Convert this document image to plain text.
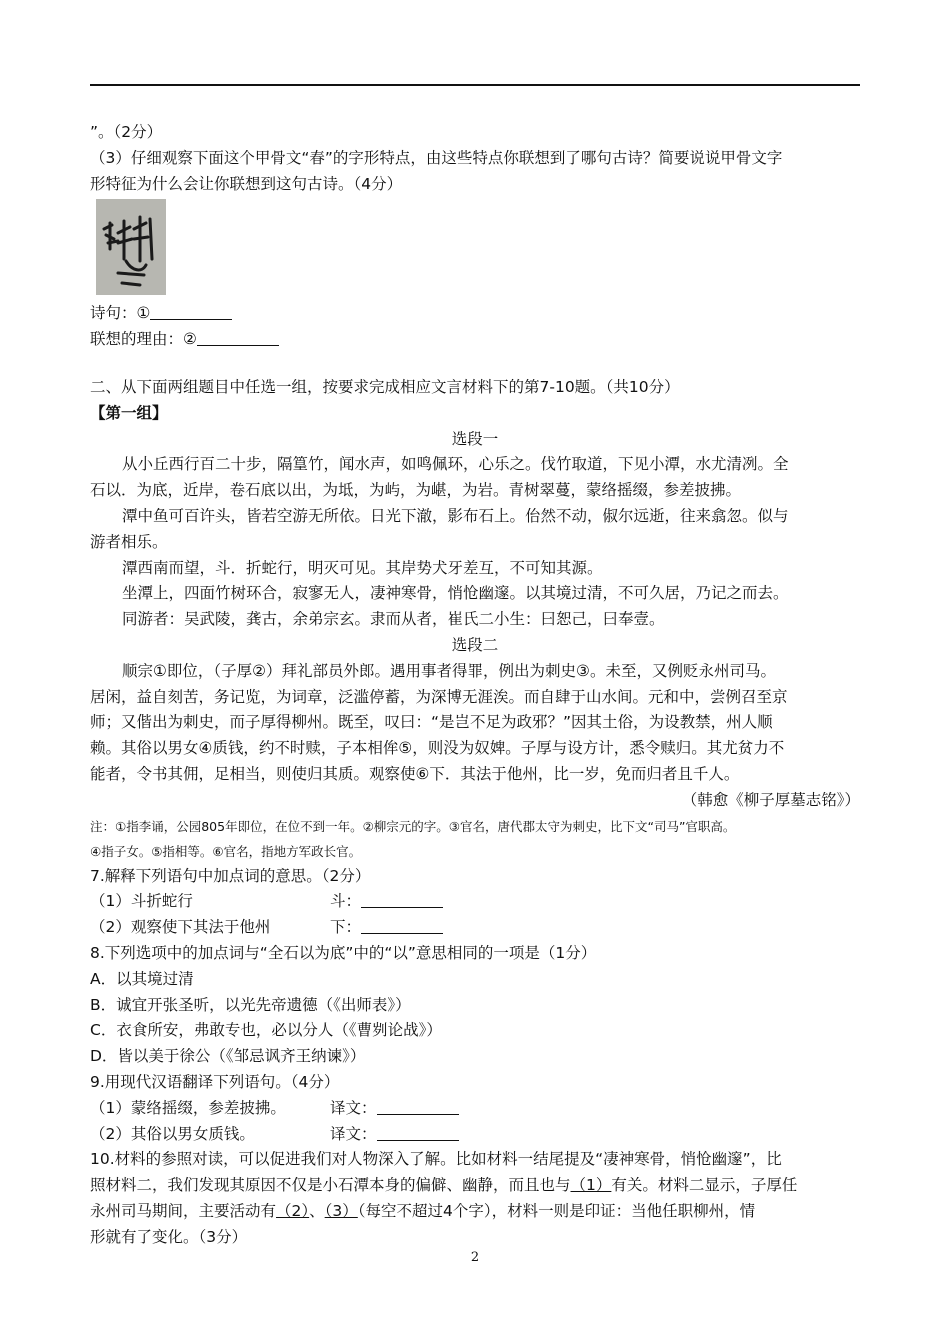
”。（2分）
（3）仔细观察下面这个甲骨文“春”的字形特点，由这些特点你联想到了哪句古诗？简要说说甲骨文字
形特征为什么会让你联想到这句古诗。（4分）
诗句：①
联想的理由：②
二、从下面两组题目中任选一组，按要求完成相应文言材料下的第7-10题。（共10分）
【第一组】
选段一
从小丘西行百二十步，隔篁竹，闻水声，如鸣佩环，心乐之。伐竹取道，下见小潭，水尤清冽。全
石以．为底，近岸，卷石底以出，为坻，为屿，为嵁，为岩。青树翠蔓，蒙络摇缀，参差披拂。
潭中鱼可百许头，皆若空游无所依。日光下澈，影布石上。佁然不动，俶尔远逝，往来翕忽。似与
游者相乐。
潭西南而望，斗．折蛇行，明灭可见。其岸势犬牙差互，不可知其源。
坐潭上，四面竹树环合，寂寥无人，凄神寒骨，悄怆幽邃。以其境过清，不可久居，乃记之而去。
同游者：吴武陵，龚古，余弟宗玄。隶而从者，崔氏二小生：曰恕己，曰奉壹。
选段二
顺宗①即位，（子厚②）拜礼部员外郎。遇用事者得罪，例出为刺史③。未至，又例贬永州司马。
居闲，益自刻苦，务记览，为词章，泛滥停蓄，为深博无涯涘。而自肆于山水间。元和中，尝例召至京
师；又偕出为刺史，而子厚得柳州。既至，叹曰：“是岂不足为政邪？”因其土俗，为设教禁，州人顺
赖。其俗以男女④质钱，约不时赎，子本相侔⑤，则没为奴婢。子厚与设方计，悉令赎归。其尤贫力不
能者，令书其佣，足相当，则使归其质。观察使⑥下．其法于他州，比一岁，免而归者且千人。
（韩愈《柳子厚墓志铭》）
注：①指李诵，公园805年即位，在位不到一年。②柳宗元的字。③官名，唐代郡太守为刺史，比下文“司马”官职高。
④指子女。⑤指相等。⑥官名，指地方军政长官。
7.解释下列语句中加点词的意思。（2分）
（1）斗折蛇行	斗：
（2）观察使下其法于他州	下：
8.下列选项中的加点词与“全石以为底”中的“以”意思相同的一项是（1分）
A．以其境过清
B．诚宜开张圣听，以光先帝遗德（《出师表》）
C．衣食所安，弗敢专也，必以分人（《曹刿论战》）
D．皆以美于徐公（《邹忌讽齐王纳谏》）
9.用现代汉语翻译下列语句。（4分）
（1）蒙络摇缀，参差披拂。	译文：
（2）其俗以男女质钱。	译文：
10.材料的参照对读，可以促进我们对人物深入了解。比如材料一结尾提及“凄神寒骨，悄怆幽邃”，比
照材料二，我们发现其原因不仅是小石潭本身的偏僻、幽静，而且也与（1）有关。材料二显示，子厚任
永州司马期间，主要活动有（2）、（3）（每空不超过4个字），材料一则是印证：当他任职柳州，情
形就有了变化。（3分）
2
